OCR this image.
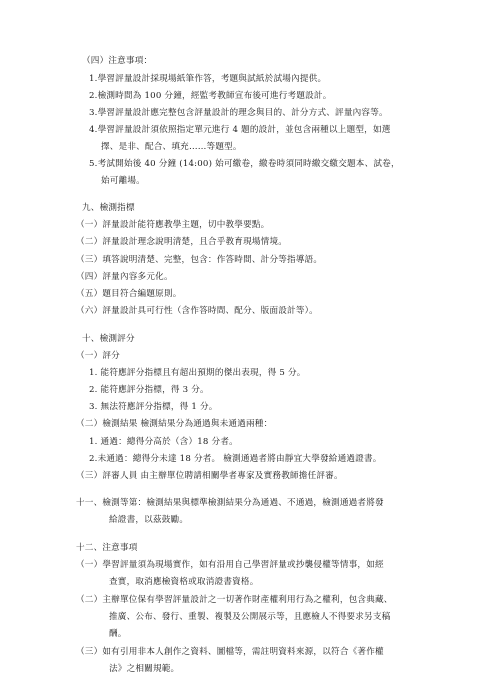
（四）注意事項：
1.學習評量設計採現場紙筆作答，考題與試紙於試場內提供。
2.檢測時間為 100 分鐘，經監考教師宣布後可進行考題設計。
3.學習評量設計應完整包含評量設計的理念與目的、計分方式、評量內容等。
4.學習評量設計須依照指定單元進行 4 題的設計，並包含兩種以上題型，如選
擇、是非、配合、填充……等題型。
5.考試開始後 40 分鐘 (14:00) 始可繳卷，繳卷時須同時繳交繳交題本、試卷，
始可離場。
九、檢測指標
（一）評量設計能符應教學主題，切中教學要點。
（二）評量設計理念說明清楚，且合乎教育現場情境。
（三）填答說明清楚、完整，包含：作答時間、計分等指導語。
（四）評量內容多元化。
（五）題目符合編題原則。
（六）評量設計具可行性（含作答時間、配分、版面設計等）。
十、檢測評分
（一）評分
1. 能符應評分指標且有超出預期的傑出表現，得 5 分。
2. 能符應評分指標，得 3 分。
3. 無法符應評分指標，得 1 分。
（二）檢測結果 檢測結果分為通過與未通過兩種：
1. 通過：總得分高於（含）18 分者。
2.未通過：總得分未達 18 分者。 檢測通過者將由靜宜大學發給通過證書。
（三）評審人員 由主辦單位聘請相關學者專家及實務教師擔任評審。
十一、檢測等第：檢測結果與標準檢測結果分為通過、不通過，檢測通過者將發
給證書，以茲鼓勵。
十二、注意事項
（一）學習評量須為現場實作，如有沿用自己學習評量或抄襲侵權等情事，如經
查實，取消應檢資格或取消證書資格。
（二）主辦單位保有學習評量設計之一切著作財產權利用行為之權利，包含典藏、
推廣、公布、發行、重製、複製及公開展示等，且應檢人不得要求另支稿
酬。
（三）如有引用非本人創作之資料、圖檔等，需註明資料來源，以符合《著作權
法》之相關規範。
